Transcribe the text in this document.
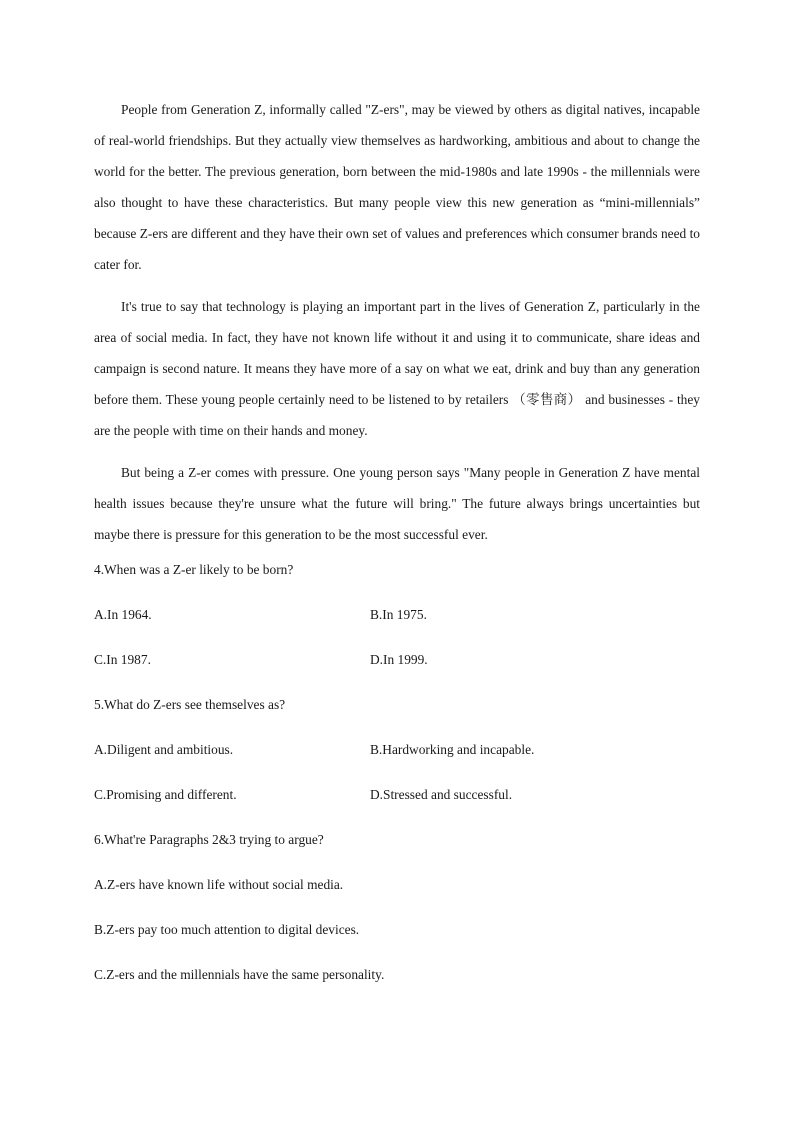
People from Generation Z, informally called "Z-ers", may be viewed by others as digital natives, incapable of real-world friendships. But they actually view themselves as hardworking, ambitious and about to change the world for the better. The previous generation, born between the mid-1980s and late 1990s - the millennials were also thought to have these characteristics. But many people view this new generation as “mini-millennials” because Z-ers are different and they have their own set of values and preferences which consumer brands need to cater for.

It's true to say that technology is playing an important part in the lives of Generation Z, particularly in the area of social media. In fact, they have not known life without it and using it to communicate, share ideas and campaign is second nature. It means they have more of a say on what we eat, drink and buy than any generation before them. These young people certainly need to be listened to by retailers （零售商） and businesses - they are the people with time on their hands and money.

But being a Z-er comes with pressure. One young person says "Many people in Generation Z have mental health issues because they're unsure what the future will bring." The future always brings uncertainties but maybe there is pressure for this generation to be the most successful ever.

4.When was a Z-er likely to be born?

A.In 1964.	B.In 1975.
C.In 1987.	D.In 1999.

5.What do Z-ers see themselves as?

A.Diligent and ambitious.	B.Hardworking and incapable.
C.Promising and different.	D.Stressed and successful.

6.What're Paragraphs 2&3 trying to argue?

A.Z-ers have known life without social media.
B.Z-ers pay too much attention to digital devices.
C.Z-ers and the millennials have the same personality.
